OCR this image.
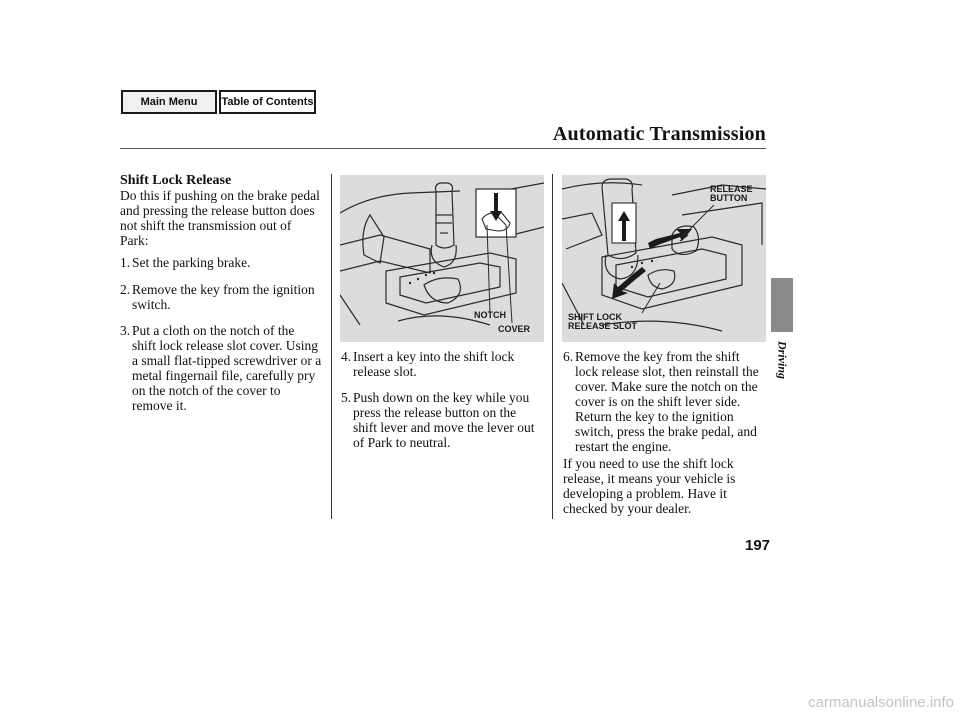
Main Menu	Table of Contents
Automatic Transmission
Shift Lock Release
Do this if pushing on the brake pedal
and pressing the release button does
not shift the transmission out of
Park:
1. Set the parking brake.
2. Remove the key from the ignition
switch.
3. Put a cloth on the notch of the
shift lock release slot cover. Using
a small flat-tipped screwdriver or a
metal fingernail file, carefully pry
on the notch of the cover to
remove it.
NOTCH
COVER
4. Insert a key into the shift lock
release slot.
5. Push down on the key while you
press the release button on the
shift lever and move the lever out
of Park to neutral.
RELEASE
BUTTON
SHIFT LOCK
RELEASE SLOT
6. Remove the key from the shift
lock release slot, then reinstall the
cover. Make sure the notch on the
cover is on the shift lever side.
Return the key to the ignition
switch, press the brake pedal, and
restart the engine.
If you need to use the shift lock
release, it means your vehicle is
developing a problem. Have it
checked by your dealer.
Driving
197
carmanualsonline.info
